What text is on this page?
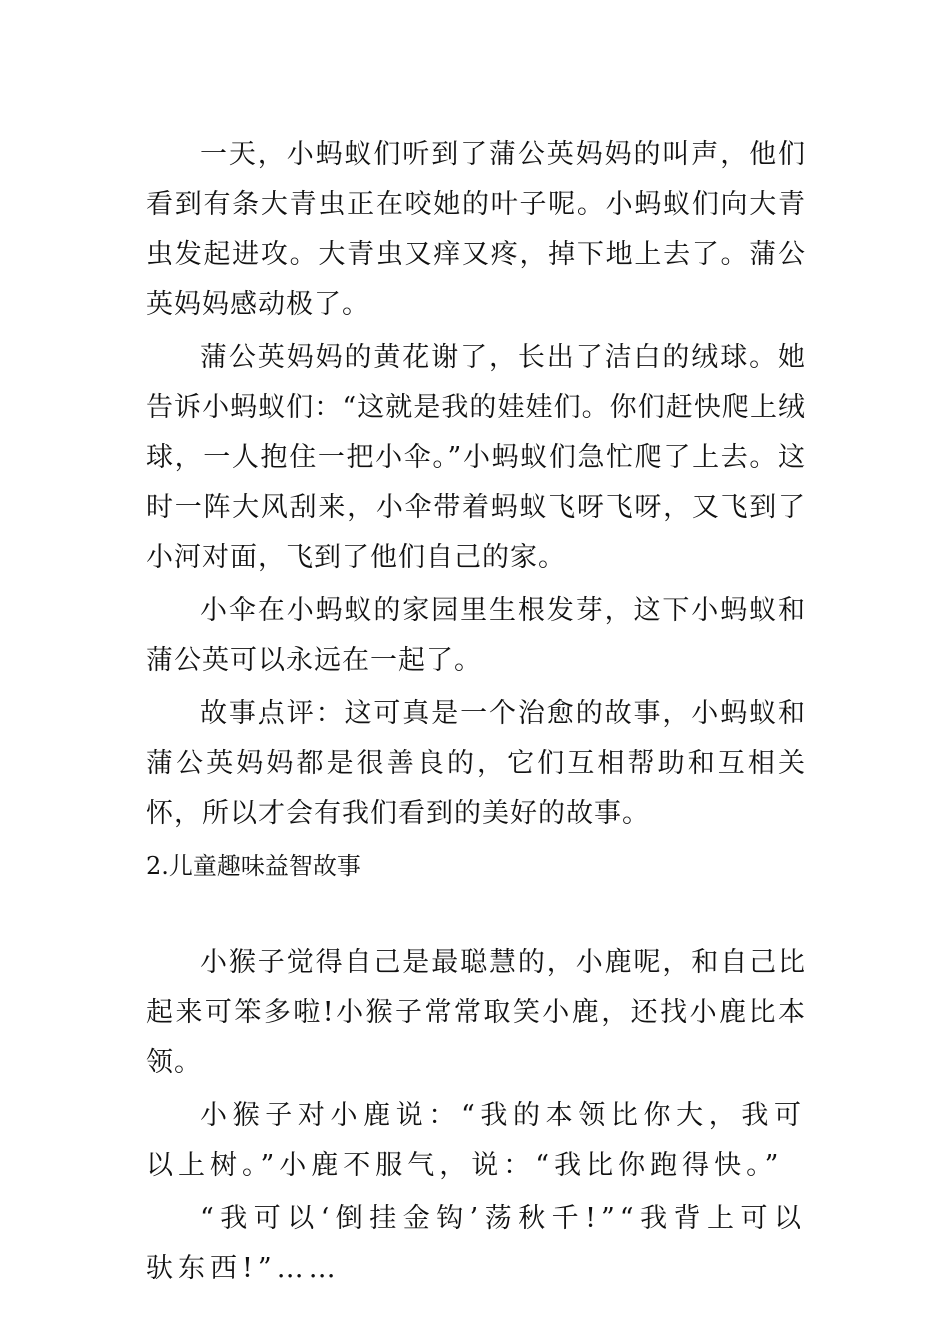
一天，小蚂蚁们听到了蒲公英妈妈的叫声，他们看到有条大青虫正在咬她的叶子呢。小蚂蚁们向大青虫发起进攻。大青虫又痒又疼，掉下地上去了。蒲公英妈妈感动极了。

蒲公英妈妈的黄花谢了，长出了洁白的绒球。她告诉小蚂蚁们：“这就是我的娃娃们。你们赶快爬上绒球，一人抱住一把小伞。”小蚂蚁们急忙爬了上去。这时一阵大风刮来，小伞带着蚂蚁飞呀飞呀，又飞到了小河对面，飞到了他们自己的家。

小伞在小蚂蚁的家园里生根发芽，这下小蚂蚁和蒲公英可以永远在一起了。

故事点评：这可真是一个治愈的故事，小蚂蚁和蒲公英妈妈都是很善良的，它们互相帮助和互相关怀，所以才会有我们看到的美好的故事。

2.儿童趣味益智故事

小猴子觉得自己是最聪慧的，小鹿呢，和自己比起来可笨多啦!小猴子常常取笑小鹿，还找小鹿比本领。

小猴子对小鹿说：“我的本领比你大，我可以上树。”小鹿不服气，说：“我比你跑得快。”

“我可以‘倒挂金钩’荡秋千!”“我背上可以驮东西!”……
